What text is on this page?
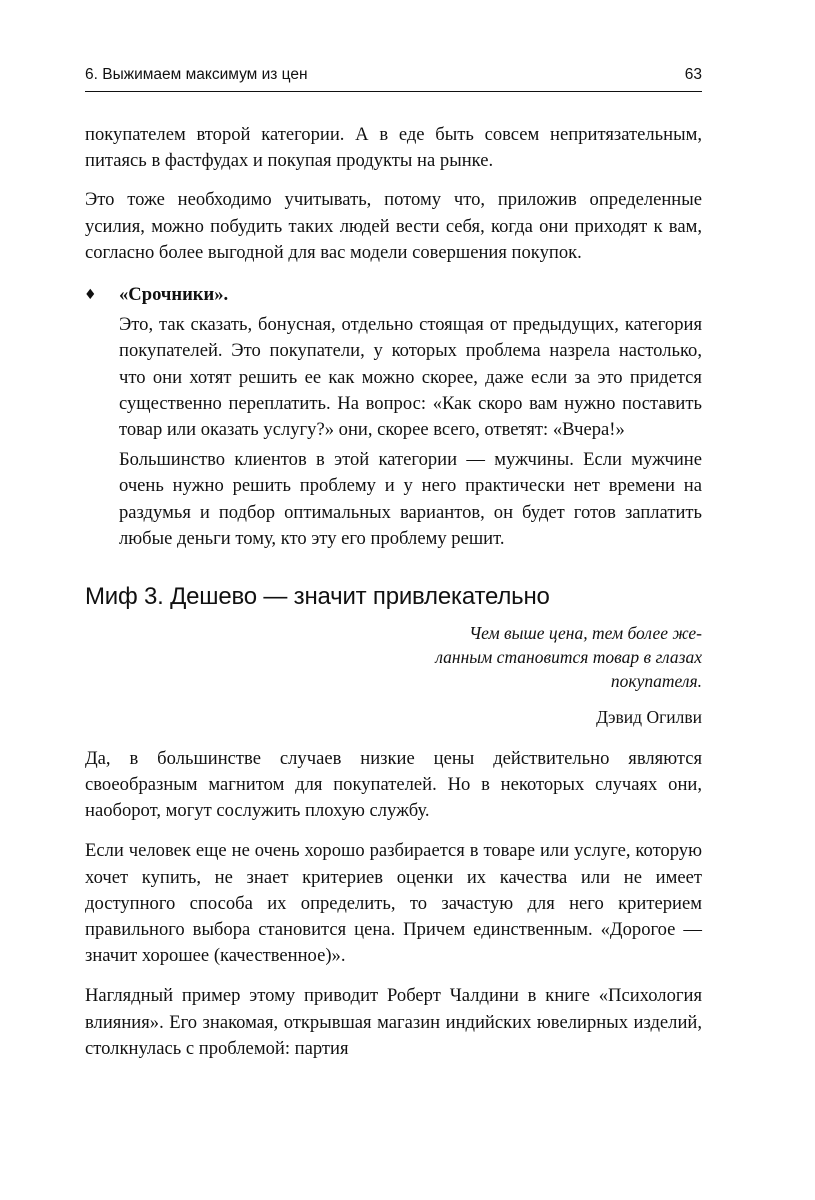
6. Выжимаем максимум из цен	63

покупателем второй категории. А в еде быть совсем непритязательным, питаясь в фастфудах и покупая продукты на рынке.

Это тоже необходимо учитывать, потому что, приложив определенные усилия, можно побудить таких людей вести себя, когда они приходят к вам, согласно более выгодной для вас модели совершения покупок.

♦	«Срочники».

Это, так сказать, бонусная, отдельно стоящая от предыдущих, категория покупателей. Это покупатели, у которых проблема назрела настолько, что они хотят решить ее как можно скорее, даже если за это придется существенно переплатить. На вопрос: «Как скоро вам нужно поставить товар или оказать услугу?» они, скорее всего, ответят: «Вчера!»

Большинство клиентов в этой категории — мужчины. Если мужчине очень нужно решить проблему и у него практически нет времени на раздумья и подбор оптимальных вариантов, он будет готов заплатить любые деньги тому, кто эту его проблему решит.

Миф 3. Дешево — значит привлекательно

Чем выше цена, тем более желанным становится товар в глазах покупателя.

Дэвид Огилви

Да, в большинстве случаев низкие цены действительно являются своеобразным магнитом для покупателей. Но в некоторых случаях они, наоборот, могут сослужить плохую службу.

Если человек еще не очень хорошо разбирается в товаре или услуге, которую хочет купить, не знает критериев оценки их качества или не имеет доступного способа их определить, то зачастую для него критерием правильного выбора становится цена. Причем единственным. «Дорогое — значит хорошее (качественное)».

Наглядный пример этому приводит Роберт Чалдини в книге «Психология влияния». Его знакомая, открывшая магазин индийских ювелирных изделий, столкнулась с проблемой: партия
